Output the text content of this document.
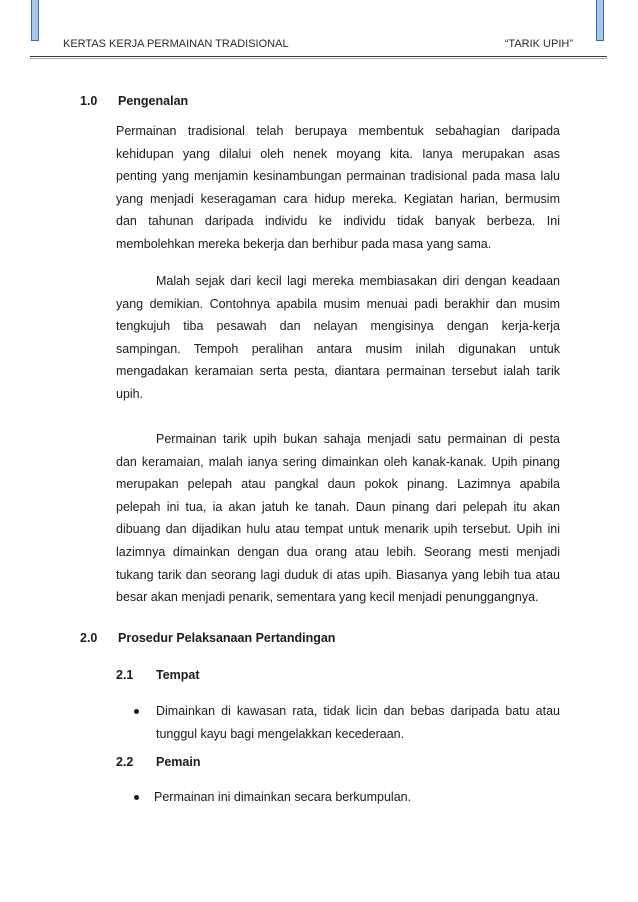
KERTAS KERJA PERMAINAN TRADISIONAL	“TARIK UPIH”
1.0 Pengenalan
Permainan tradisional telah berupaya membentuk sebahagian daripada
kehidupan yang dilalui oleh nenek moyang kita. Ianya merupakan asas
penting yang menjamin kesinambungan permainan tradisional pada masa lalu
yang menjadi keseragaman cara hidup mereka. Kegiatan harian, bermusim
dan tahunan daripada individu ke individu tidak banyak berbeza. Ini
membolehkan mereka bekerja dan berhibur pada masa yang sama.
Malah sejak dari kecil lagi mereka membiasakan diri dengan keadaan
yang demikian. Contohnya apabila musim menuai padi berakhir dan musim
tengkujuh tiba pesawah dan nelayan mengisinya dengan kerja-kerja
sampingan. Tempoh peralihan antara musim inilah digunakan untuk
mengadakan keramaian serta pesta, diantara permainan tersebut ialah tarik
upih.
Permainan tarik upih bukan sahaja menjadi satu permainan di pesta
dan keramaian, malah ianya sering dimainkan oleh kanak-kanak. Upih pinang
merupakan pelepah atau pangkal daun pokok pinang. Lazimnya apabila
pelepah ini tua, ia akan jatuh ke tanah. Daun pinang dari pelepah itu akan
dibuang dan dijadikan hulu atau tempat untuk menarik upih tersebut. Upih ini
lazimnya dimainkan dengan dua orang atau lebih. Seorang mesti menjadi
tukang tarik dan seorang lagi duduk di atas upih. Biasanya yang lebih tua atau
besar akan menjadi penarik, sementara yang kecil menjadi penunggangnya.
2.0 Prosedur Pelaksanaan Pertandingan
2.1 Tempat
Dimainkan di kawasan rata, tidak licin dan bebas daripada batu atau
tunggul kayu bagi mengelakkan kecederaan.
2.2 Pemain
Permainan ini dimainkan secara berkumpulan.
